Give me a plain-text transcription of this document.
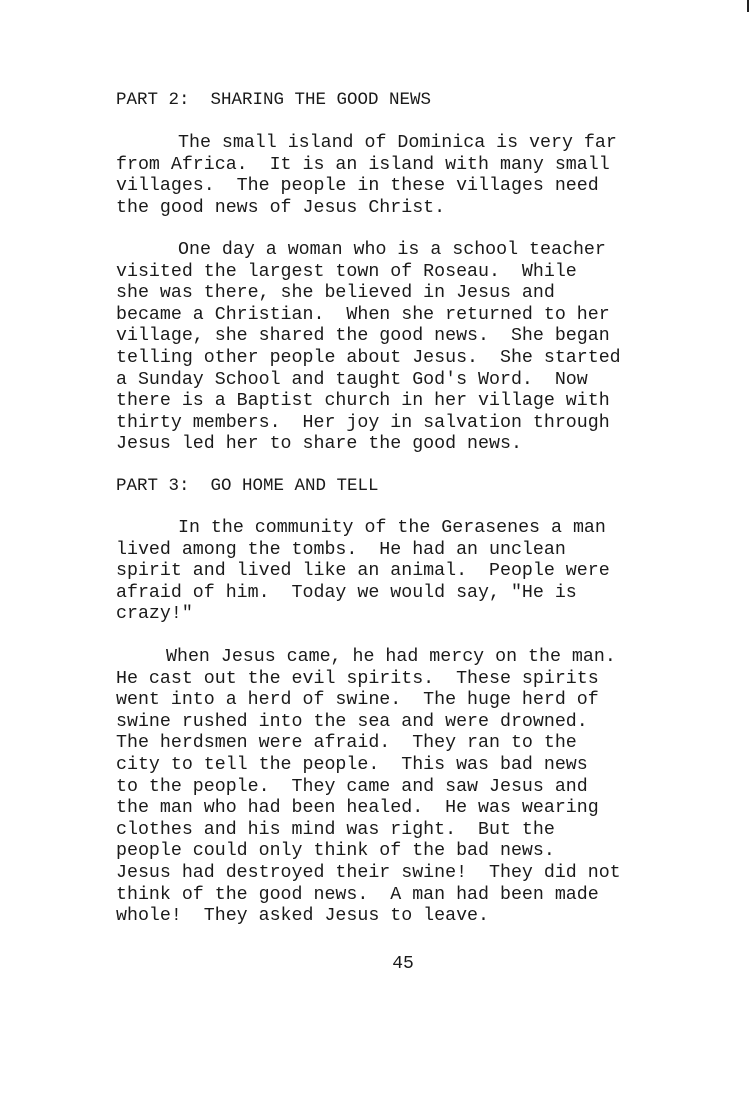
PART 2:  SHARING THE GOOD NEWS
The small island of Dominica is very far
from Africa.  It is an island with many small
villages.  The people in these villages need
the good news of Jesus Christ.
One day a woman who is a school teacher
visited the largest town of Roseau.  While
she was there, she believed in Jesus and
became a Christian.  When she returned to her
village, she shared the good news.  She began
telling other people about Jesus.  She started
a Sunday School and taught God's Word.  Now
there is a Baptist church in her village with
thirty members.  Her joy in salvation through
Jesus led her to share the good news.
PART 3:  GO HOME AND TELL
In the community of the Gerasenes a man
lived among the tombs.  He had an unclean
spirit and lived like an animal.  People were
afraid of him.  Today we would say, "He is
crazy!"
When Jesus came, he had mercy on the man.
He cast out the evil spirits.  These spirits
went into a herd of swine.  The huge herd of
swine rushed into the sea and were drowned.
The herdsmen were afraid.  They ran to the
city to tell the people.  This was bad news
to the people.  They came and saw Jesus and
the man who had been healed.  He was wearing
clothes and his mind was right.  But the
people could only think of the bad news.
Jesus had destroyed their swine!  They did not
think of the good news.  A man had been made
whole!  They asked Jesus to leave.
45
